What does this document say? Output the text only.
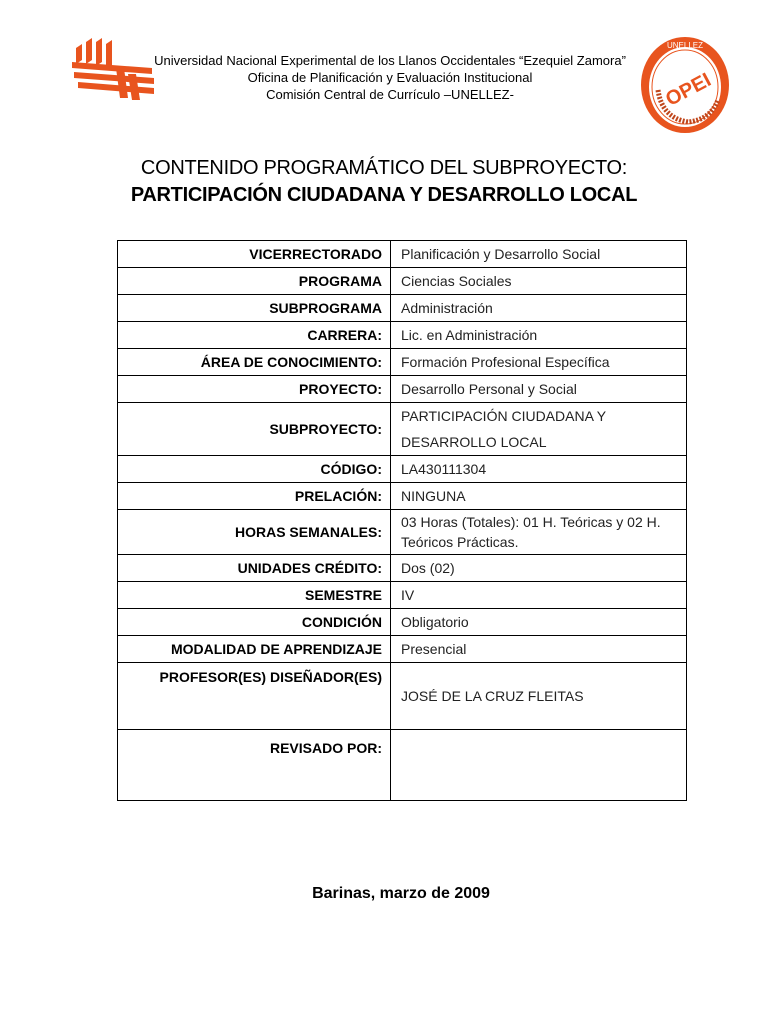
Universidad Nacional Experimental de los Llanos Occidentales “Ezequiel Zamora”
Oficina de Planificación y Evaluación Institucional
Comisión Central de Currículo –UNELLEZ-
UNELLEZ
OPEI
CONTENIDO PROGRAMÁTICO DEL SUBPROYECTO:
PARTICIPACIÓN CIUDADANA Y DESARROLLO LOCAL
VICERRECTORADO	Planificación y Desarrollo Social
PROGRAMA	Ciencias Sociales
SUBPROGRAMA	Administración
CARRERA:	Lic. en Administración
ÁREA DE CONOCIMIENTO:	Formación Profesional Específica
PROYECTO:	Desarrollo Personal y Social
SUBPROYECTO:	PARTICIPACIÓN CIUDADANA Y DESARROLLO LOCAL
CÓDIGO:	LA430111304
PRELACIÓN:	NINGUNA
HORAS SEMANALES:	03 Horas (Totales): 01 H. Teóricas y 02 H. Teóricos Prácticas.
UNIDADES CRÉDITO:	Dos (02)
SEMESTRE	IV
CONDICIÓN	Obligatorio
MODALIDAD DE APRENDIZAJE	Presencial
PROFESOR(ES) DISEÑADOR(ES)	JOSÉ DE LA CRUZ FLEITAS
REVISADO POR:	
Barinas, marzo de 2009
